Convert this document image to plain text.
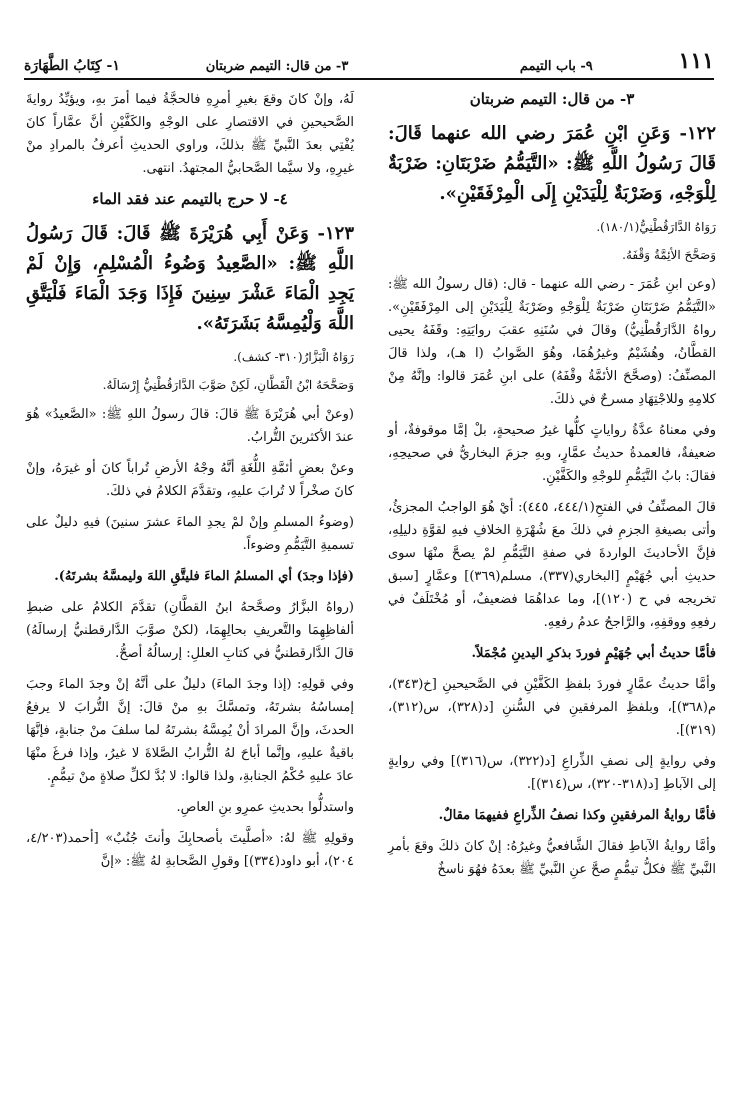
١١١
٩- باب التيمم
٣- من قال: التيمم ضربتان
١- كِتَابُ الطَّهَارَة

٣- من قال: التيمم ضربتان

١٢٢- وَعَنِ ابْنِ عُمَرَ رضي الله عنهما قَالَ: قَالَ رَسُولُ اللَّهِ ﷺ: «التَّيَمُّمُ ضَرْبَتَانِ: ضَرْبَةٌ لِلْوَجْهِ، وَضَرْبَةٌ لِلْيَدَيْنِ إِلَى الْمِرْفَقَيْنِ».

رَوَاهُ الدَّارَقُطْنِيُّ(١٨٠/١).

وَصَحَّحَ الأئِمَّةُ وَقْفَهُ.

(وعن ابنِ عُمَرَ - رضي الله عنهما - قال: (قال رسولُ الله ﷺ: «التَّيَمُّمُ ضَرْبَتَانِ ضَرْبَةٌ لِلْوَجْهِ وضَرْبَةٌ لِلْيَدَيْنِ إلى المِرْفَقَيْنِ». رواهُ الدَّارَقُطْنِيُّ) وقالَ في سُنَنِهِ عقبَ روايَتِهِ: وقَفَهُ يحيى القطَّانُ، وهُشَيْمٌ وغيرُهُمَا، وهُوَ الصَّوابُ (ا هـ)، ولذا قالَ المصنِّفُ: (وصحَّحَ الأئمَّةُ وقْفَهُ) على ابنِ عُمَرَ قالوا: وإنَّهُ مِنْ كلامِهِ وللاجْتِهَادِ مسرحٌ في ذلكَ.

وفي معناهُ عدَّةُ رواياتٍ كلُّها غيرُ صحيحةٍ، بلْ إمَّا موقوفةٌ، أو ضعيفةٌ، فالعمدةُ حديثُ عمَّارٍ، وبهِ جزمَ البخاريُّ في صحيحِهِ، فقالَ: بابُ التَّيَمُّمِ للوجْهِ والكَفَّيْنِ.

قالَ المصنِّفُ في الفتحِ(٤٤٤/١، ٤٤٥): أيْ هُوَ الواجبُ المجزئُ، وأتى بصيغةِ الجزمِ في ذلكَ معَ شُهْرَةِ الخلافِ فيهِ لقوَّةِ دليلِهِ، فإنَّ الأحاديثَ الواردةَ في صفةِ التَّيَمُّمِ لمْ يصحَّ منْهَا سوى حديثِ أبي جُهَيْمٍ [البخاري(٣٣٧)، مسلم(٣٦٩)] وعمَّارٍ [سبق تخريجه في ح (١٢٠)]، وما عداهُمَا فضعيفٌ، أو مُخْتَلَفٌ في رفعِهِ ووقفِهِ، والرَّاجحُ عدمُ رفعِهِ.

فأمَّا حديثُ أبي جُهَيْمٍ فوردَ بذكرِ اليدينِ مُجْمَلاً.

وأمَّا حديثُ عمَّارٍ فوردَ بلفظِ الكَفَّيْنِ في الصَّحيحينِ [خ(٣٤٣)، م(٣٦٨)]، وبلفظِ المرفقينِ في السُّننِ [د(٣٢٨)، س(٣١٢)، (٣١٩)].

وفي روايةٍ إلى نصفِ الذِّراعِ [د(٣٢٢)، س(٣١٦)] وفي روايةٍ إلى الآباطِ [د(٣١٨-٣٢٠)، س(٣١٤)].

فأمَّا روايةُ المرفقينِ وكذا نصفُ الذِّراعِ ففيهمَا مقالٌ.

وأمَّا روايةُ الآباطِ فقالَ الشَّافعيُّ وغيرُهُ: إنْ كانَ ذلكَ وقعَ بأمرِ النَّبيِّ ﷺ فكلُّ تيمُّمٍ صحَّ عنِ النَّبيِّ ﷺ بعدَهُ فهُوَ ناسخٌ

لَهُ، وإنْ كانَ وقعَ بغيرِ أمرِهِ فالحجَّةُ فيما أمرَ بهِ، ويؤيِّدُ روايةَ الصَّحيحينِ في الاقتصارِ على الوجْهِ والكَفَّيْنِ أنَّ عمَّاراً كانَ يُفْتِي بعدَ النَّبيِّ ﷺ بذلكَ، وراوي الحديثِ أعرفُ بالمرادِ منْ غيرِهِ، ولا سيَّما الصَّحابيُّ المجتهدُ. انتهى.

٤- لا حرج بالتيمم عند فقد الماء

١٢٣- وَعَنْ أَبِي هُرَيْرَةَ ﷺ قَالَ: قَالَ رَسُولُ اللَّهِ ﷺ: «الصَّعِيدُ وَضُوءُ الْمُسْلِمِ، وَإِنْ لَمْ يَجِدِ الْمَاءَ عَشْرَ سِنِينَ فَإِذَا وَجَدَ الْمَاءَ فَلْيَتَّقِ اللَّهَ وَلْيُمِسَّهُ بَشَرَتَهُ».

رَوَاهُ الْبَزَّارُ(٣١٠- كشف).

وَصَحَّحَهُ ابْنُ الْقَطَّانِ، لَكِنْ صَوَّبَ الدَّارَقُطْنِيُّ إِرْسَالَهُ.

(وعنْ أبي هُرَيْرَةَ ﷺ قالَ: قالَ رسولُ اللهِ ﷺ: «الصَّعيدُ» هُوَ عندَ الأكثرينَ التُّرابُ.

وعنْ بعضِ أئمَّةِ اللُّغَةِ أنَّهُ وجْهُ الأرضِ تُراباً كانَ أو غيرَهُ، وإنْ كانَ صخْراً لا تُرابَ عليهِ، وتقدَّمَ الكلامُ في ذلكَ.

(وضوءُ المسلمِ وإنْ لمْ يجدِ الماءَ عشرَ سنينَ) فيهِ دليلٌ على تسميةِ التَّيَمُّمِ وضوءاً.

(فإذا وجدَ) أي المسلمُ الماءَ فليتَّقِ اللهَ وليمسَّهُ بشرتَهُ).

(رواهُ البزَّارُ وصحَّحهُ ابنُ القطَّانِ) تقدَّمَ الكلامُ على ضبطِ ألفاظِهِمَا والتَّعريفِ بحالِهِمَا، (لكنْ صوَّبَ الدَّارقطنيُّ إرسالَهُ) قالَ الدَّارقطنيُّ في كتابِ العللِ: إرسالُهُ أصحُّ.

وفي قولِهِ: (إذا وجدَ الماءَ) دليلٌ على أنَّهُ إنْ وجدَ الماءَ وجبَ إمساسُهُ بشرتَهُ، وتمسَّكَ بهِ منْ قالَ: إنَّ التُّرابَ لا يرفعُ الحدثَ، وإنَّ المرادَ أنْ يُمِسَّهُ بشرتَهُ لما سلفَ منْ جنابةٍ، فإنَّهَا باقيةٌ عليهِ، وإنَّما أباحَ لهُ التُّرابُ الصَّلاةَ لا غيرُ، وإذا فرغَ منْهَا عادَ عليهِ حُكْمُ الجنابةِ، ولذا قالوا: لا بُدَّ لكلِّ صلاةٍ منْ تيمُّمٍ.

واستدلُّوا بحديثِ عمرِو بنِ العاصِ.

وقولِهِ ﷺ لهُ: «أصلَّيتَ بأصحابِكَ وأنتَ جُنُبٌ» [أحمد(٤/٢٠٣، ٢٠٤)، أبو داود(٣٣٤)] وقولِ الصَّحابةِ لهُ ﷺ: «إنَّ
